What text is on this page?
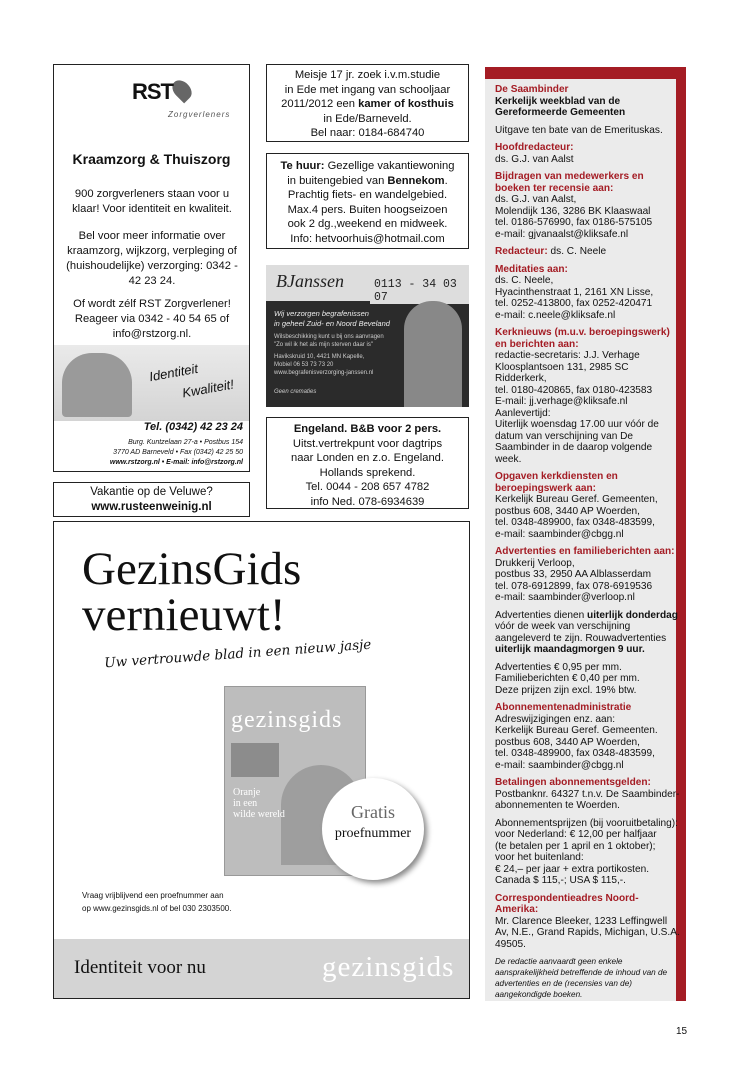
RST
Zorgverleners
Kraamzorg & Thuiszorg
900 zorgverleners staan voor u klaar! Voor identiteit en kwaliteit.
Bel voor meer informatie over kraamzorg, wijkzorg, verpleging of (huishoudelijke) verzorging: 0342 - 42 23 24.
Of wordt zélf RST Zorgverlener! Reageer via 0342 - 40 54 65 of info@rstzorg.nl.
Identiteit
Kwaliteit!
Tel. (0342) 42 23 24
Burg. Kuntzelaan 27-a • Postbus 154
3770 AD Barneveld • Fax (0342) 42 25 50
www.rstzorg.nl • E-mail: info@rstzorg.nl
Vakantie op de Veluwe?
www.rusteenweinig.nl
Meisje 17 jr. zoek i.v.m.studie
in Ede met ingang van schooljaar
2011/2012 een kamer of kosthuis
in Ede/Barneveld.
Bel naar: 0184-684740
Te huur: Gezellige vakantiewoning
in buitengebied van Bennekom.
Prachtig fiets- en wandelgebied.
Max.4 pers. Buiten hoogseizoen
ook 2 dg.,weekend en midweek.
Info: hetvoorhuis@hotmail.com
BJanssen	0113 - 34 03 07
Wij verzorgen begrafenissen
in geheel Zuid- en Noord Beveland
Wilsbeschikking kunt u bij ons aanvragen
"Zo wil ik het als mijn sterven daar is"
Havikskruid 10, 4421 MN Kapelle,
Mobiel 06 53 73 73 20
www.begrafenisverzorging-janssen.nl
Geen crematies
Engeland. B&B voor 2 pers.
Uitst.vertrekpunt voor dagtrips
naar Londen en z.o. Engeland.
Hollands sprekend.
Tel. 0044 - 208 657 4782
info Ned. 078-6934639
GezinsGids
vernieuwt!
Uw vertrouwde blad in een nieuw jasje
gezinsgids
Oranje
in een
wilde wereld	Gratis
proefnummer
Vraag vrijblijvend een proefnummer aan
op www.gezinsgids.nl of bel 030 2303500.
Identiteit voor nu	gezinsgids
De Saambinder
Kerkelijk weekblad van de Gereformeerde Gemeenten
Uitgave ten bate van de Emerituskas.
Hoofdredacteur:
ds. G.J. van Aalst
Bijdragen van medewerkers en boeken ter recensie aan:
ds. G.J. van Aalst,
Molendijk 136, 3286 BK Klaaswaal
tel. 0186-576990, fax 0186-575105
e-mail: gjvanaalst@kliksafe.nl
Redacteur: ds. C. Neele
Meditaties aan:
ds. C. Neele,
Hyacinthenstraat 1, 2161 XN Lisse,
tel. 0252-413800, fax 0252-420471
e-mail: c.neele@kliksafe.nl
Kerknieuws (m.u.v. beroepingswerk) en berichten aan:
redactie-secretaris: J.J. Verhage
Kloosplantsoen 131, 2985 SC Ridderkerk,
tel. 0180-420865, fax 0180-423583
E-mail: jj.verhage@kliksafe.nl
Aanlevertijd:
Uiterlijk woensdag 17.00 uur vóór de datum van verschijning van De Saambinder in de daarop volgende week.
Opgaven kerkdiensten en beroepingswerk aan:
Kerkelijk Bureau Geref. Gemeenten,
postbus 608, 3440 AP Woerden,
tel. 0348-489900, fax 0348-483599,
e-mail: saambinder@cbgg.nl
Advertenties en familieberichten aan:
Drukkerij Verloop,
postbus 33, 2950 AA Alblasserdam
tel. 078-6912899, fax 078-6919536
e-mail: saambinder@verloop.nl
Advertenties dienen uiterlijk donderdag vóór de week van verschijning aangeleverd te zijn. Rouwadvertenties uiterlijk maandagmorgen 9 uur.
Advertenties € 0,95 per mm.
Familieberichten € 0,40 per mm.
Deze prijzen zijn excl. 19% btw.
Abonnementenadministratie
Adreswijzigingen enz. aan:
Kerkelijk Bureau Geref. Gemeenten.
postbus 608, 3440 AP Woerden,
tel. 0348-489900, fax 0348-483599,
e-mail: saambinder@cbgg.nl
Betalingen abonnementsgelden:
Postbanknr. 64327 t.n.v. De Saambinder-abonnementen te Woerden.
Abonnementsprijzen (bij vooruitbetaling):
voor Nederland: € 12,00 per halfjaar
(te betalen per 1 april en 1 oktober);
voor het buitenland:
€ 24,– per jaar + extra portikosten.
Canada $ 115,-; USA $ 115,-.
Correspondentieadres Noord-Amerika:
Mr. Clarence Bleeker, 1233 Leffingwell Av, N.E., Grand Rapids, Michigan, U.S.A. 49505.
De redactie aanvaardt geen enkele aansprakelijkheid betreffende de inhoud van de advertenties en de (recensies van de) aangekondigde boeken.
15
